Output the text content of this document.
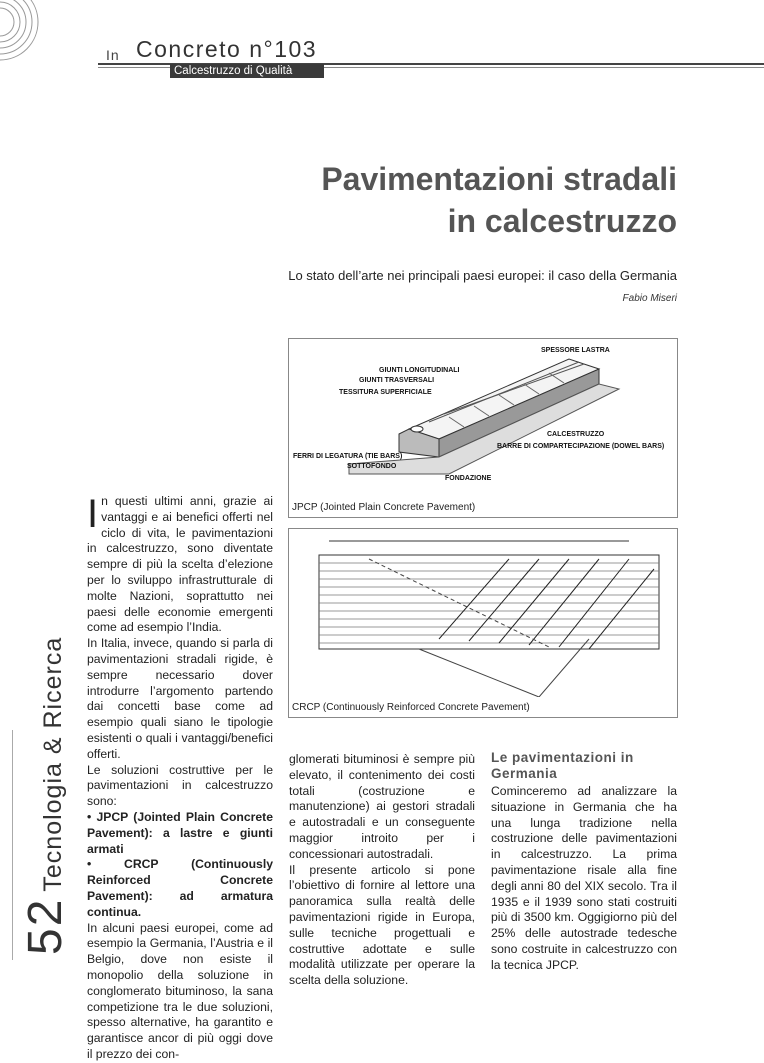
In Concreto n°103
Calcestruzzo di Qualità
Pavimentazioni stradali
in calcestruzzo
Lo stato dell’arte nei principali paesi europei: il caso della Germania
Fabio Miseri
SPESSORE LASTRA
GIUNTI LONGITUDINALI
GIUNTI TRASVERSALI
TESSITURA SUPERFICIALE
CALCESTRUZZO
BARRE DI COMPARTECIPAZIONE (DOWEL BARS)
FERRI DI LEGATURA (TIE BARS)
SOTTOFONDO
FONDAZIONE
JPCP (Jointed Plain Concrete Pavement)
CRCP (Continuously Reinforced Concrete Pavement)

In questi ultimi anni, grazie ai vantaggi e ai benefici offerti nel ciclo di vita, le pavimentazioni in calcestruzzo, sono diventate sempre di più la scelta d’elezione per lo sviluppo infrastrutturale di molte Nazioni, soprattutto nei paesi delle economie emergenti come ad esempio l’India.

In Italia, invece, quando si parla di pavimentazioni stradali rigide, è sempre necessario dover introdurre l’argomento partendo dai concetti base come ad esempio quali siano le tipologie esistenti o quali i vantaggi/benefici offerti.

Le soluzioni costruttive per le pavimentazioni in calcestruzzo sono:

• JPCP (Jointed Plain Concrete Pavement): a lastre e giunti armati

• CRCP (Continuously Reinforced Concrete Pavement): ad armatura continua.

In alcuni paesi europei, come ad esempio la Germania, l’Austria e il Belgio, dove non esiste il monopolio della soluzione in conglomerato bituminoso, la sana competizione tra le due soluzioni, spesso alternative, ha garantito e garantisce ancor di più oggi dove il prezzo dei con-

glomerati bituminosi è sempre più elevato, il contenimento dei costi totali (costruzione e manutenzione) ai gestori stradali e autostradali e un conseguente maggior introito per i concessionari autostradali.

Il presente articolo si pone l’obiettivo di fornire al lettore una panoramica sulla realtà delle pavimentazioni rigide in Europa, sulle tecniche progettuali e costruttive adottate e sulle modalità utilizzate per operare la scelta della soluzione.

Le pavimentazioni in Germania

Cominceremo ad analizzare la situazione in Germania che ha una lunga tradizione nella costruzione delle pavimentazioni in calcestruzzo. La prima pavimentazione risale alla fine degli anni 80 del XIX secolo. Tra il 1935 e il 1939 sono stati costruiti più di 3500 km. Oggigiorno più del 25% delle autostrade tedesche sono costruite in calcestruzzo con la tecnica JPCP.

52Tecnologia & Ricerca
